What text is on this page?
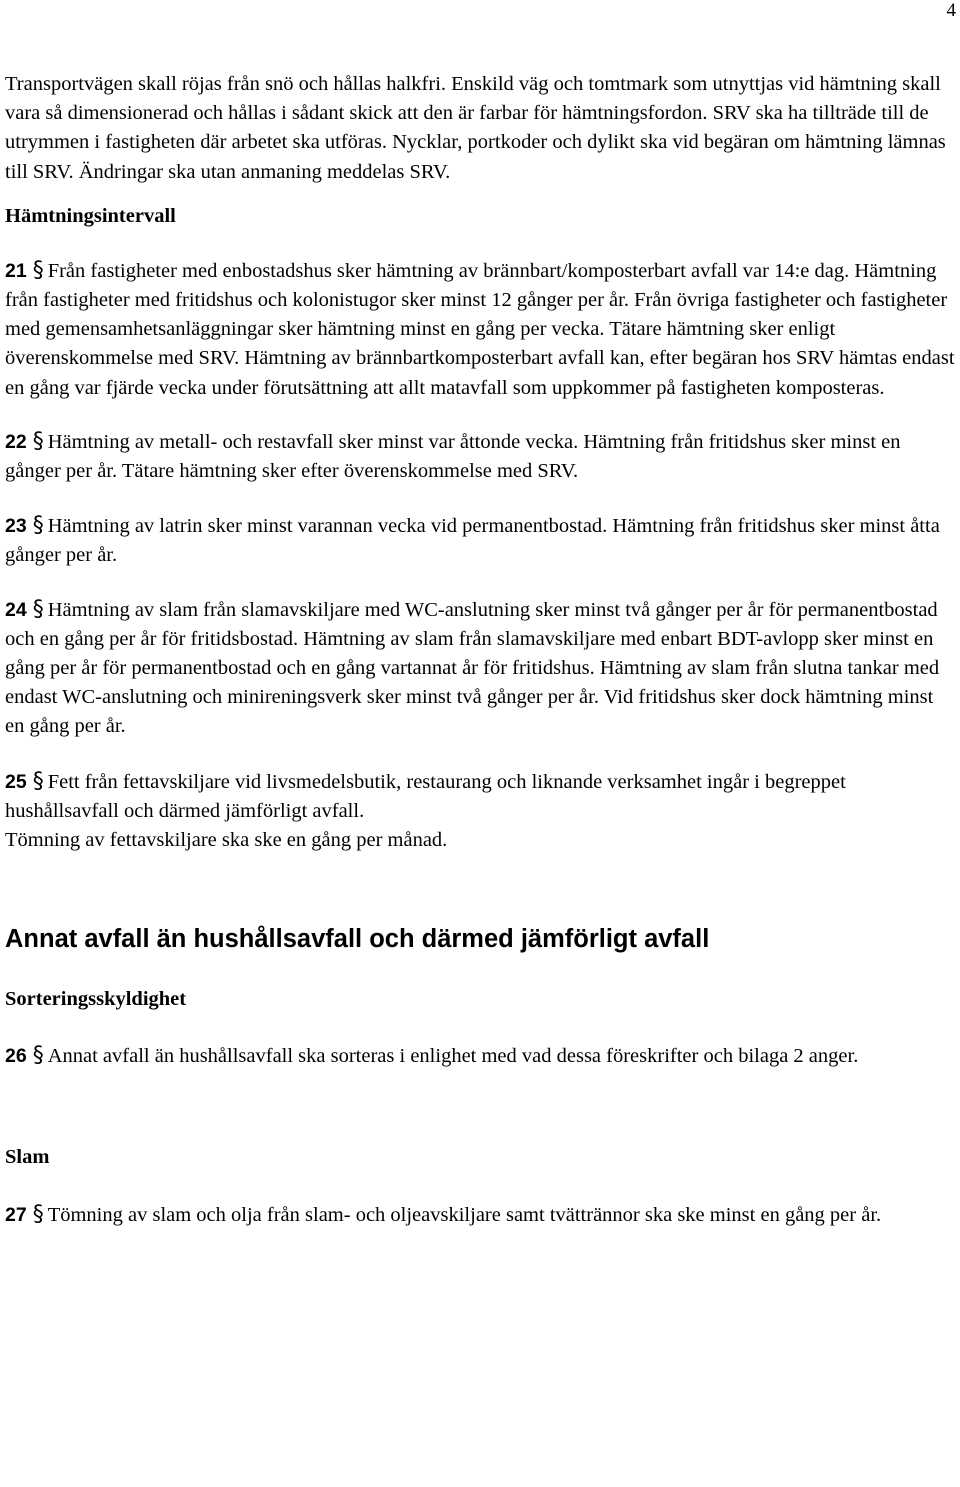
4

Transportvägen skall röjas från snö och hållas halkfri. Enskild väg och tomtmark som utnyttjas vid hämtning skall vara så dimensionerad och hållas i sådant skick att den är farbar för hämtningsfordon. SRV ska ha tillträde till de utrymmen i fastigheten där arbetet ska utföras. Nycklar, portkoder och dylikt ska vid begäran om hämtning lämnas till SRV. Ändringar ska utan anmaning meddelas SRV.

Hämtningsintervall

21 § Från fastigheter med enbostadshus sker hämtning av brännbart/komposterbart avfall var 14:e dag. Hämtning från fastigheter med fritidshus och kolonistugor sker minst 12 gånger per år. Från övriga fastigheter och fastigheter med gemensamhetsanläggningar sker hämtning minst en gång per vecka. Tätare hämtning sker enligt överenskommelse med SRV. Hämtning av brännbartkomposterbart avfall kan, efter begäran hos SRV hämtas endast en gång var fjärde vecka under förutsättning att allt matavfall som uppkommer på fastigheten komposteras.

22 § Hämtning av metall- och restavfall sker minst var åttonde vecka. Hämtning från fritidshus sker minst en gånger per år. Tätare hämtning sker efter överenskommelse med SRV.

23 § Hämtning av latrin sker minst varannan vecka vid permanentbostad. Hämtning från fritidshus sker minst åtta gånger per år.

24 § Hämtning av slam från slamavskiljare med WC-anslutning sker minst två gånger per år för permanentbostad och en gång per år för fritidsbostad. Hämtning av slam från slamavskiljare med enbart BDT-avlopp sker minst en gång per år för permanentbostad och en gång vartannat år för fritidshus. Hämtning av slam från slutna tankar med endast WC-anslutning och minireningsverk sker minst två gånger per år. Vid fritidshus sker dock hämtning minst en gång per år.

25 § Fett från fettavskiljare vid livsmedelsbutik, restaurang och liknande verksamhet ingår i begreppet hushållsavfall och därmed jämförligt avfall.

Tömning av fettavskiljare ska ske en gång per månad.

Annat avfall än hushållsavfall och därmed jämförligt avfall

Sorteringsskyldighet

26 § Annat avfall än hushållsavfall ska sorteras i enlighet med vad dessa föreskrifter och bilaga 2 anger.

Slam

27 § Tömning av slam och olja från slam- och oljeavskiljare samt tvättrännor ska ske minst en gång per år.
